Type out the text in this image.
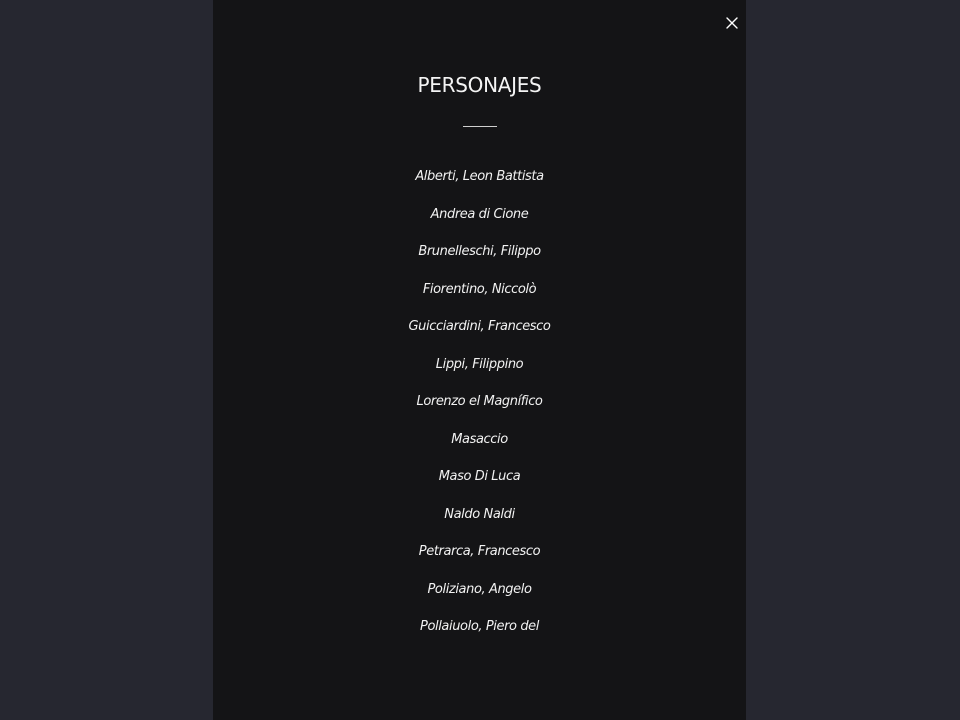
PERSONAJES
Alberti, Leon Battista
Andrea di Cione
Brunelleschi, Filippo
Fiorentino, Niccolò
Guicciardini, Francesco
Lippi, Filippino
Lorenzo el Magnífico
Masaccio
Maso Di Luca
Naldo Naldi
Petrarca, Francesco
Poliziano, Angelo
Pollaiuolo, Piero del
